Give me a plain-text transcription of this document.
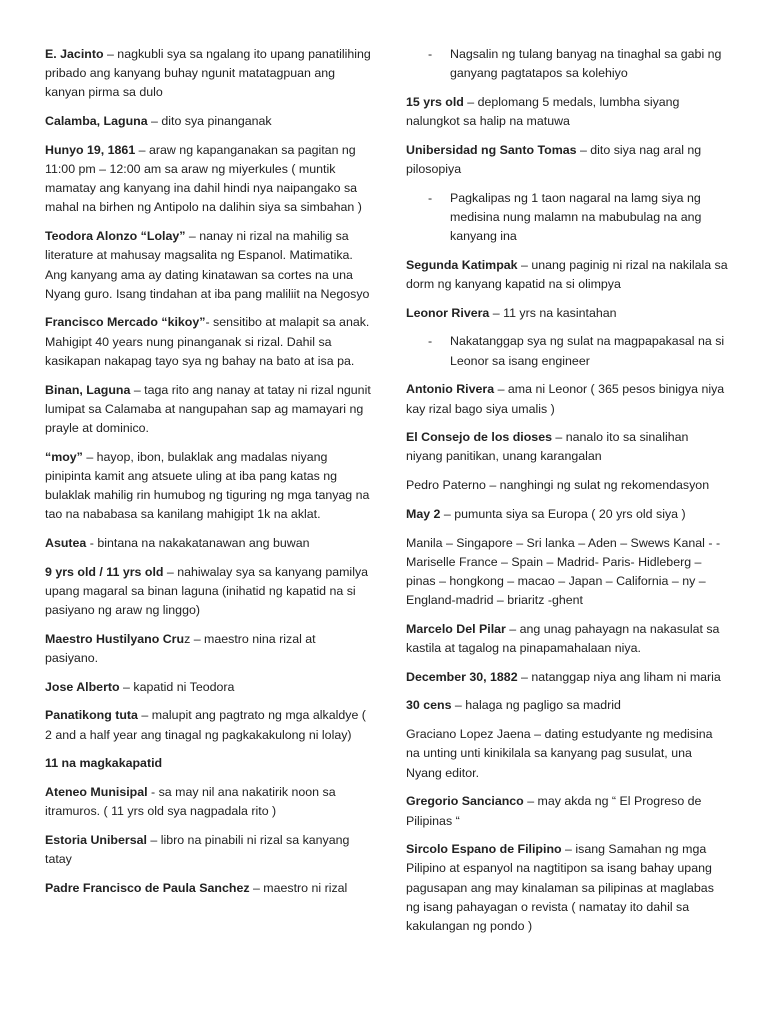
E. Jacinto – nagkubli sya sa ngalang ito upang panatilihing pribado ang kanyang buhay ngunit matatagpuan ang kanyan pirma sa dulo
Calamba, Laguna – dito sya pinanganak
Hunyo 19, 1861 – araw ng kapanganakan sa pagitan ng 11:00 pm – 12:00 am sa araw ng miyerkules ( muntik mamatay ang kanyang ina dahil hindi nya naipangako sa mahal na birhen ng Antipolo na dalihin siya sa simbahan )
Teodora Alonzo “Lolay” – nanay ni rizal na mahilig sa literature at mahusay magsalita ng Espanol. Matimatika. Ang kanyang ama ay dating kinatawan sa cortes na una Nyang guro. Isang tindahan at iba pang maliliit na Negosyo
Francisco Mercado “kikoy”- sensitibo at malapit sa anak. Mahigipt 40 years nung pinanganak si rizal. Dahil sa kasikapan nakapag tayo sya ng bahay na bato at isa pa.
Binan, Laguna – taga rito ang nanay at tatay ni rizal ngunit lumipat sa Calamaba at nangupahan sap ag mamayari ng prayle at dominico.
“moy” – hayop, ibon, bulaklak ang madalas niyang pinipinta kamit ang atsuete uling at iba pang katas ng bulaklak mahilig rin humubog ng tiguring ng mga tanyag na tao na nababasa sa kanilang mahigipt 1k na aklat.
Asutea - bintana na nakakatanawan ang buwan
9 yrs old / 11 yrs old – nahiwalay sya sa kanyang pamilya upang magaral sa binan laguna (inihatid ng kapatid na si pasiyano ng araw ng linggo)
Maestro Hustilyano Cruz – maestro nina rizal at pasiyano.
Jose Alberto – kapatid ni Teodora
Panatikong tuta – malupit ang pagtrato ng mga alkaldye ( 2 and a half year ang tinagal ng pagkakakulong ni lolay)
11 na magkakapatid
Ateneo Munisipal - sa may nil ana nakatirik noon sa itramuros. ( 11 yrs old sya nagpadala rito )
Estoria Unibersal – libro na pinabili ni rizal sa kanyang tatay
Padre Francisco de Paula Sanchez – maestro ni rizal
- Nagsalin ng tulang banyag na tinaghal sa gabi ng ganyang pagtatapos sa kolehiyo
15 yrs old – deplomang 5 medals, lumbha siyang nalungkot sa halip na matuwa
Unibersidad ng Santo Tomas – dito siya nag aral ng pilosopiya
- Pagkalipas ng 1 taon nagaral na lamg siya ng medisina nung malamn na mabubulag na ang kanyang ina
Segunda Katimpak – unang paginig ni rizal na nakilala sa dorm ng kanyang kapatid na si olimpya
Leonor Rivera – 11 yrs na kasintahan
- Nakatanggap sya ng sulat na magpapakasal na si Leonor sa isang engineer
Antonio Rivera – ama ni Leonor ( 365 pesos binigya niya kay rizal bago siya umalis )
El Consejo de los dioses – nanalo ito sa sinalihan niyang panitikan, unang karangalan
Pedro Paterno – nanghingi ng sulat ng rekomendasyon
May 2 – pumunta siya sa Europa ( 20 yrs old siya )
Manila – Singapore – Sri lanka – Aden – Swews Kanal - - Mariselle France – Spain – Madrid- Paris- Hidleberg – pinas – hongkong – macao – Japan – California – ny – England-madrid – briaritz -ghent
Marcelo Del Pilar – ang unag pahayagn na nakasulat sa kastila at tagalog na pinapamahalaan niya.
December 30, 1882 – natanggap niya ang liham ni maria
30 cens – halaga ng pagligo sa madrid
Graciano Lopez Jaena – dating estudyante ng medisina na unting unti kinikilala sa kanyang pag susulat, una Nyang editor.
Gregorio Sancianco – may akda ng “ El Progreso de Pilipinas “
Sircolo Espano de Filipino – isang Samahan ng mga Pilipino at espanyol na nagtitipon sa isang bahay upang pagusapan ang may kinalaman sa pilipinas at maglabas ng isang pahayagan o revista ( namatay ito dahil sa kakulangan ng pondo )
